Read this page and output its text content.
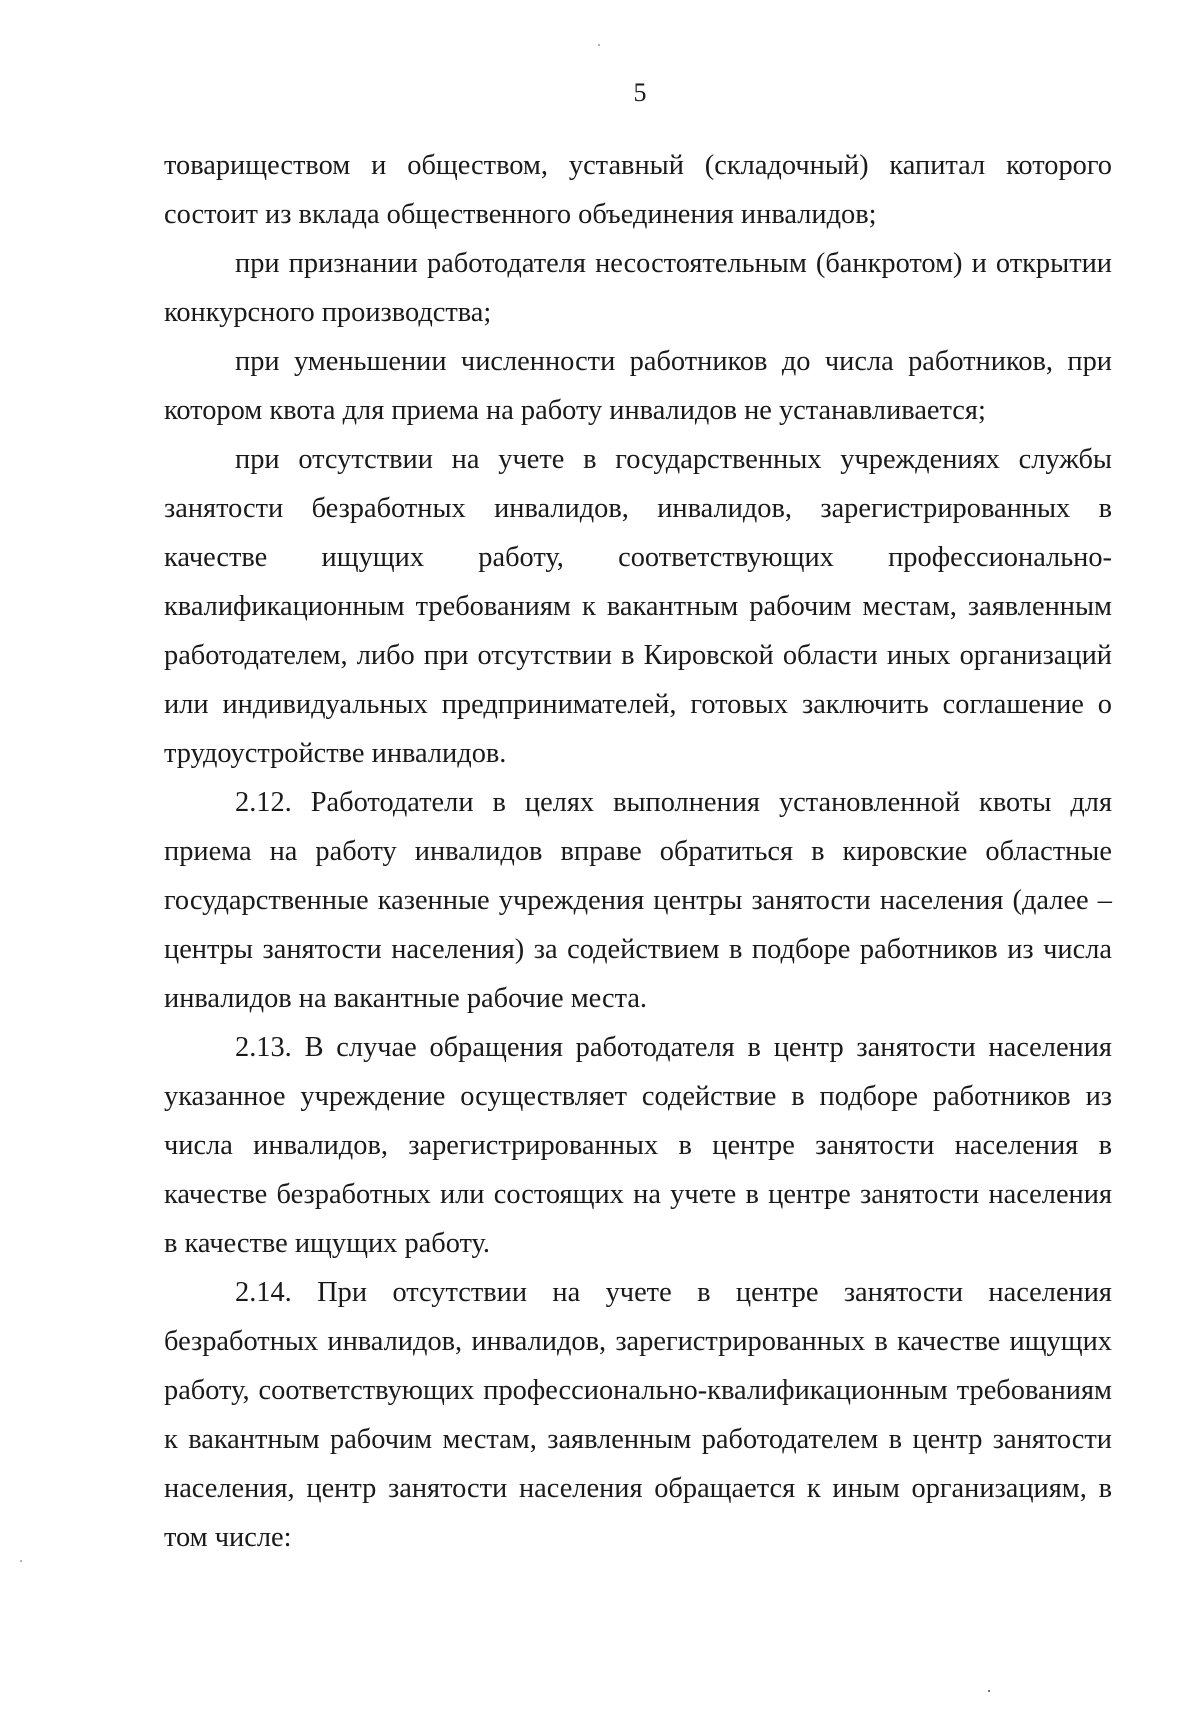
5

товариществом и обществом, уставный (складочный) капитал которого состоит из вклада общественного объединения инвалидов;

при признании работодателя несостоятельным (банкротом) и открытии конкурсного производства;

при уменьшении численности работников до числа работников, при котором квота для приема на работу инвалидов не устанавливается;

при отсутствии на учете в государственных учреждениях службы занятости безработных инвалидов, инвалидов, зарегистрированных в качестве ищущих работу, соответствующих профессионально-квалификационным требованиям к вакантным рабочим местам, заявленным работодателем, либо при отсутствии в Кировской области иных организаций или индивидуальных предпринимателей, готовых заключить соглашение о трудоустройстве инвалидов.

2.12. Работодатели в целях выполнения установленной квоты для приема на работу инвалидов вправе обратиться в кировские областные государственные казенные учреждения центры занятости населения (далее – центры занятости населения) за содействием в подборе работников из числа инвалидов на вакантные рабочие места.

2.13. В случае обращения работодателя в центр занятости населения указанное учреждение осуществляет содействие в подборе работников из числа инвалидов, зарегистрированных в центре занятости населения в качестве безработных или состоящих на учете в центре занятости населения в качестве ищущих работу.

2.14. При отсутствии на учете в центре занятости населения безработных инвалидов, инвалидов, зарегистрированных в качестве ищущих работу, соответствующих профессионально-квалификационным требованиям к вакантным рабочим местам, заявленным работодателем в центр занятости населения, центр занятости населения обращается к иным организациям, в том числе:
